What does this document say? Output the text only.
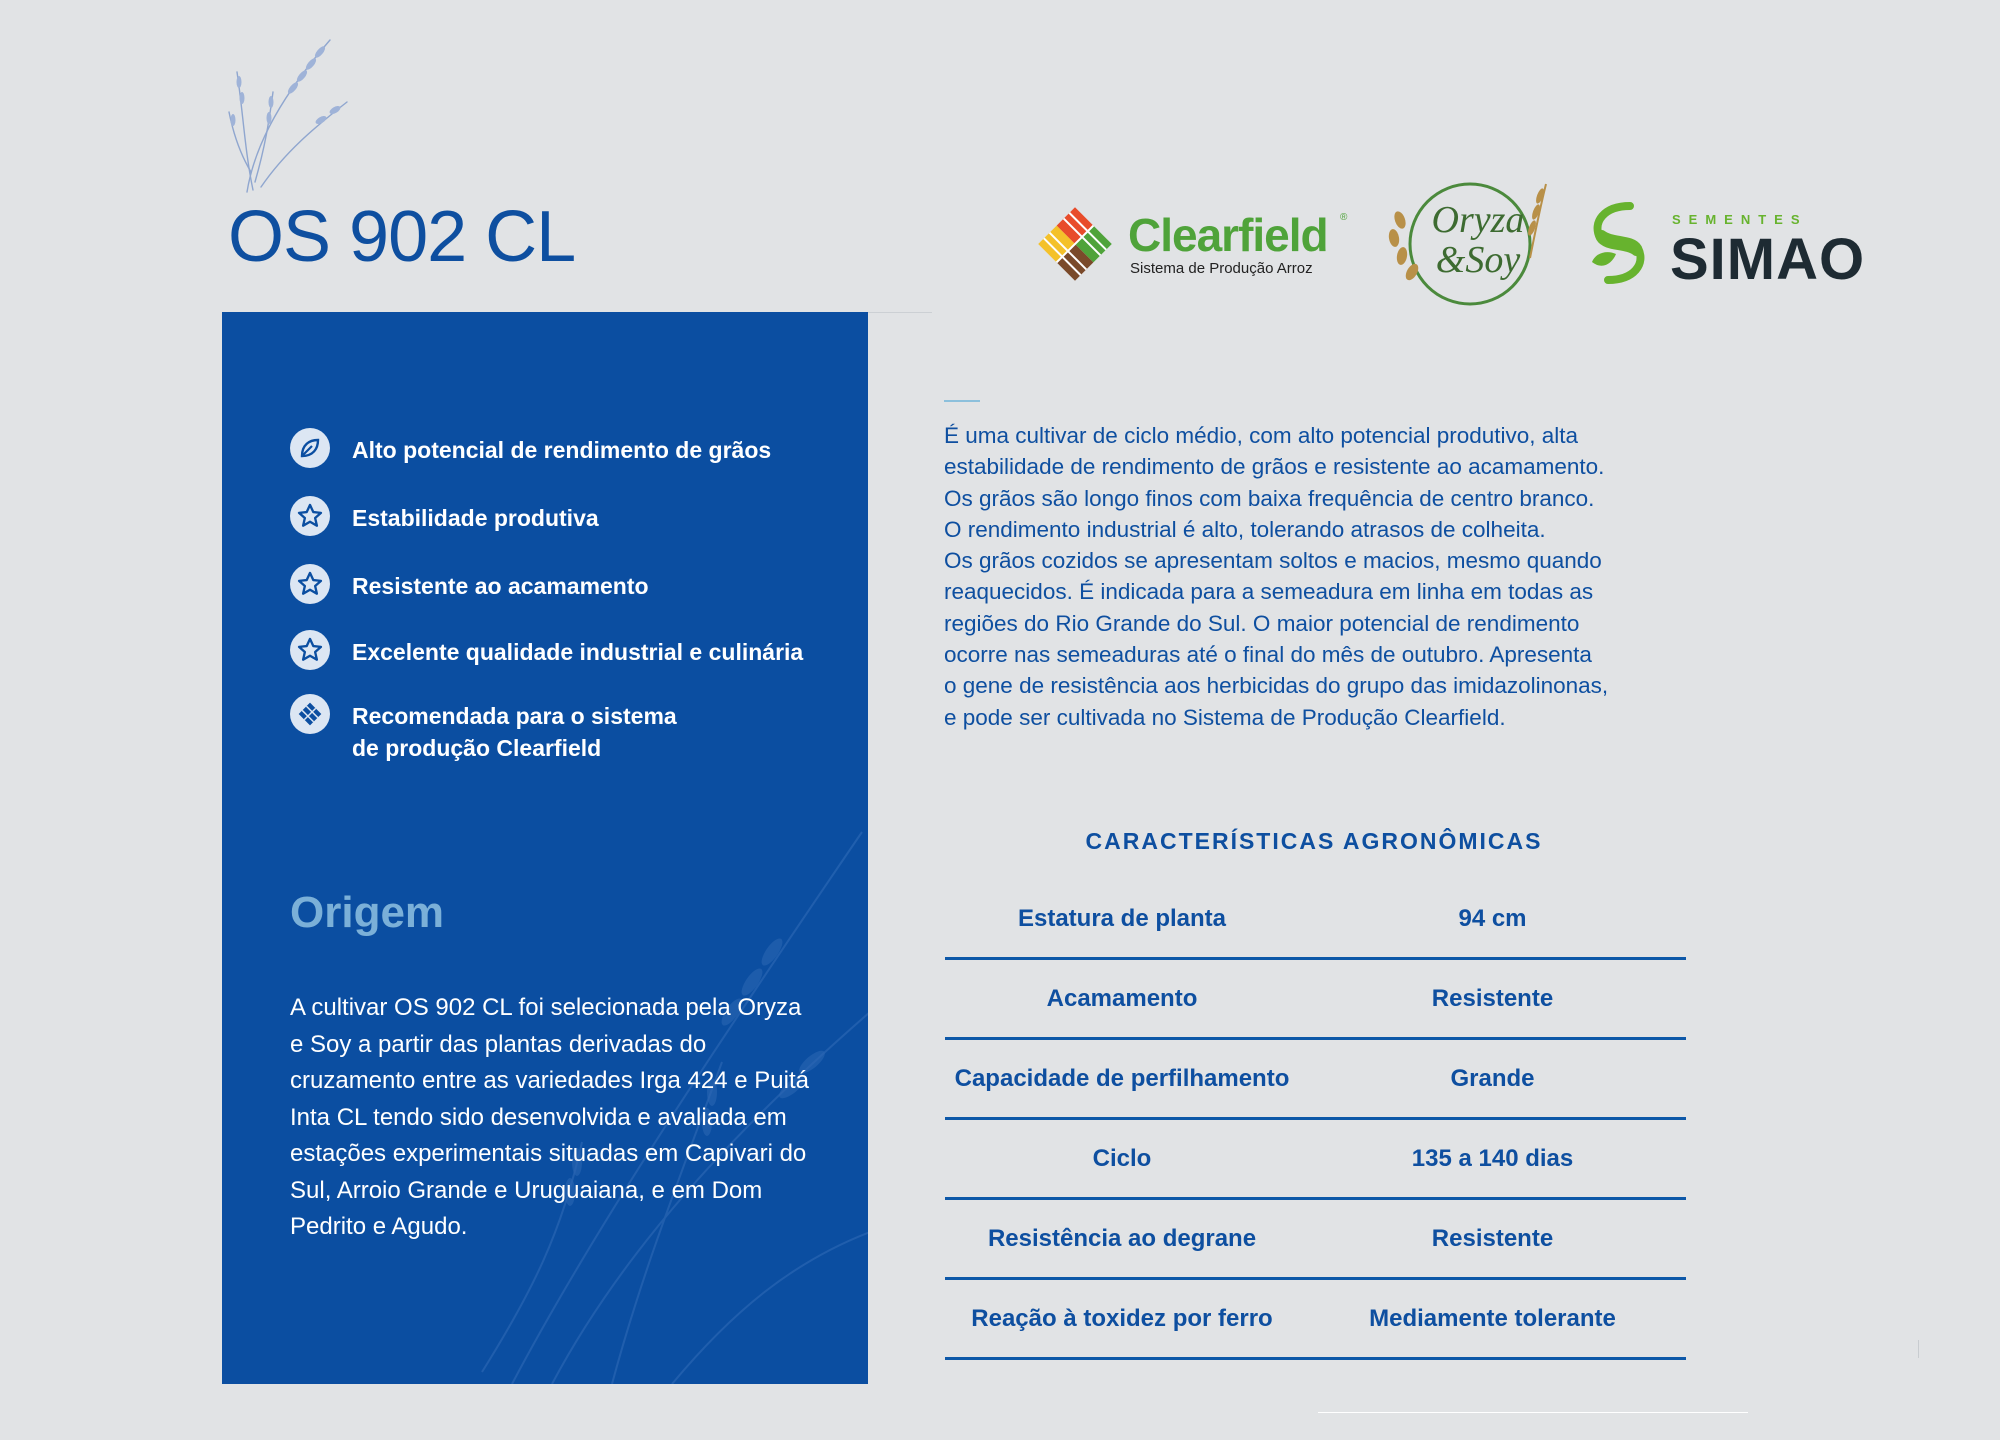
OS 902 CL	Clearfield ®
Sistema de Produção Arroz
Oryza
&Soy
SEMENTES
SIMAO
Alto potencial de rendimento de grãos
Estabilidade produtiva
Resistente ao acamamento
Excelente qualidade industrial e culinária
Recomendada para o sistema
de produção Clearfield
Origem

A cultivar OS 902 CL foi selecionada pela Oryza e Soy a partir das plantas derivadas do cruzamento entre as variedades Irga 424 e Puitá Inta CL tendo sido desenvolvida e avaliada em estações experimentais situadas em Capivari do Sul, Arroio Grande e Uruguaiana, e em Dom Pedrito e Agudo.

É uma cultivar de ciclo médio, com alto potencial produtivo, alta
estabilidade de rendimento de grãos e resistente ao acamamento.
Os grãos são longo finos com baixa frequência de centro branco.
O rendimento industrial é alto, tolerando atrasos de colheita.
Os grãos cozidos se apresentam soltos e macios, mesmo quando
reaquecidos. É indicada para a semeadura em linha em todas as
regiões do Rio Grande do Sul. O maior potencial de rendimento
ocorre nas semeaduras até o final do mês de outubro. Apresenta
o gene de resistência aos herbicidas do grupo das imidazolinonas,
e pode ser cultivada no Sistema de Produção Clearfield.
CARACTERÍSTICAS AGRONÔMICAS
Estatura de planta	94 cm
Acamamento	Resistente
Capacidade de perfilhamento	Grande
Ciclo	135 a 140 dias
Resistência ao degrane	Resistente
Reação à toxidez por ferro	Mediamente tolerante
